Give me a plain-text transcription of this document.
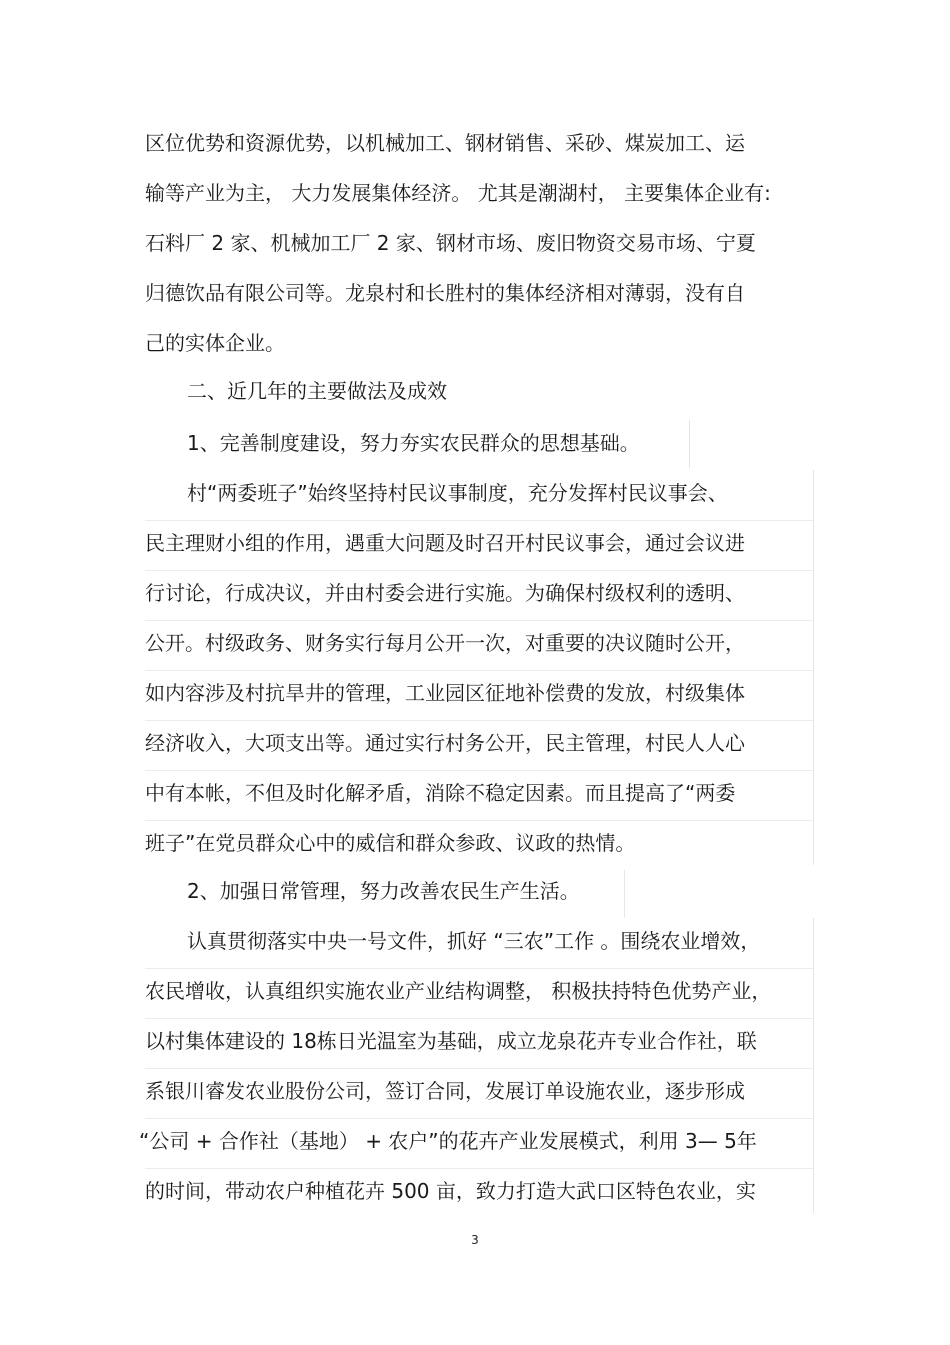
区位优势和资源优势，以机械加工、钢材销售、采砂、煤炭加工、运
输等产业为主， 大力发展集体经济。 尤其是潮湖村， 主要集体企业有:
石料厂 2 家、机械加工厂 2 家、钢材市场、废旧物资交易市场、宁夏
归德饮品有限公司等。龙泉村和长胜村的集体经济相对薄弱，没有自
己的实体企业。
二、近几年的主要做法及成效
1、完善制度建设，努力夯实农民群众的思想基础。
村“两委班子”始终坚持村民议事制度，充分发挥村民议事会、
民主理财小组的作用，遇重大问题及时召开村民议事会，通过会议进
行讨论，行成决议，并由村委会进行实施。为确保村级权利的透明、
公开。村级政务、财务实行每月公开一次，对重要的决议随时公开，
如内容涉及村抗旱井的管理，工业园区征地补偿费的发放，村级集体
经济收入，大项支出等。通过实行村务公开，民主管理，村民人人心
中有本帐，不但及时化解矛盾，消除不稳定因素。而且提高了“两委
班子”在党员群众心中的威信和群众参政、议政的热情。
2、加强日常管理，努力改善农民生产生活。
认真贯彻落实中央一号文件，抓好 “三农”工作 。围绕农业增效，
农民增收，认真组织实施农业产业结构调整， 积极扶持特色优势产业，
以村集体建设的 18栋日光温室为基础，成立龙泉花卉专业合作社，联
系银川睿发农业股份公司，签订合同，发展订单设施农业，逐步形成
“公司 + 合作社（基地） + 农户”的花卉产业发展模式，利用 3— 5年
的时间，带动农户种植花卉 500 亩，致力打造大武口区特色农业，实
3
